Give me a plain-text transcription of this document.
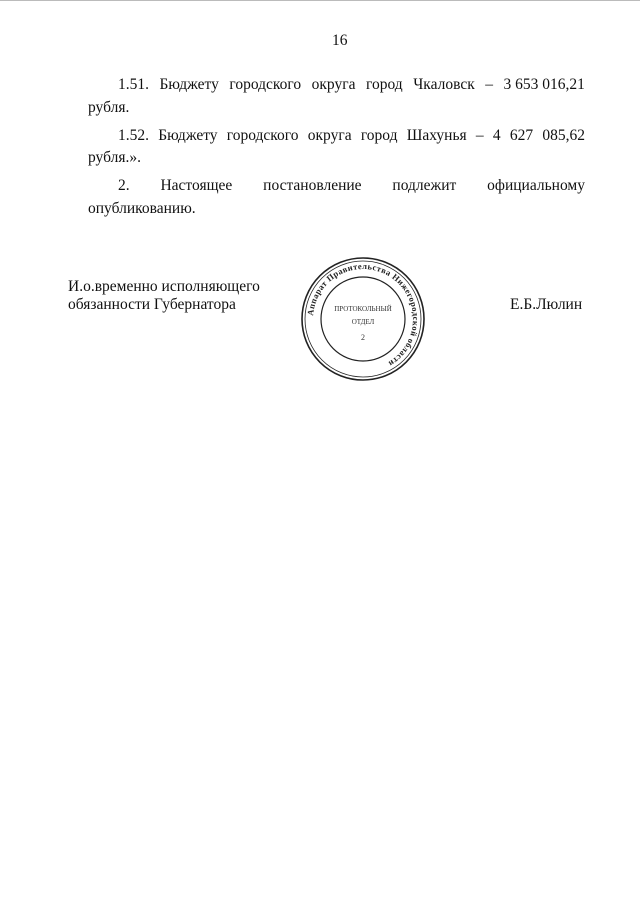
16
1.51. Бюджету городского округа город Чкаловск – 3 653 016,21
рубля.
1.52. Бюджету городского округа город Шахунья – 4 627 085,62
рубля.».
2. Настоящее постановление подлежит официальному
опубликованию.
И.о.временно исполняющего
обязанности Губернатора	Е.Б.Люлин
Аппарат Правительства Нижегородской области
ПРОТОКОЛЬНЫЙ
ОТДЕЛ
2
